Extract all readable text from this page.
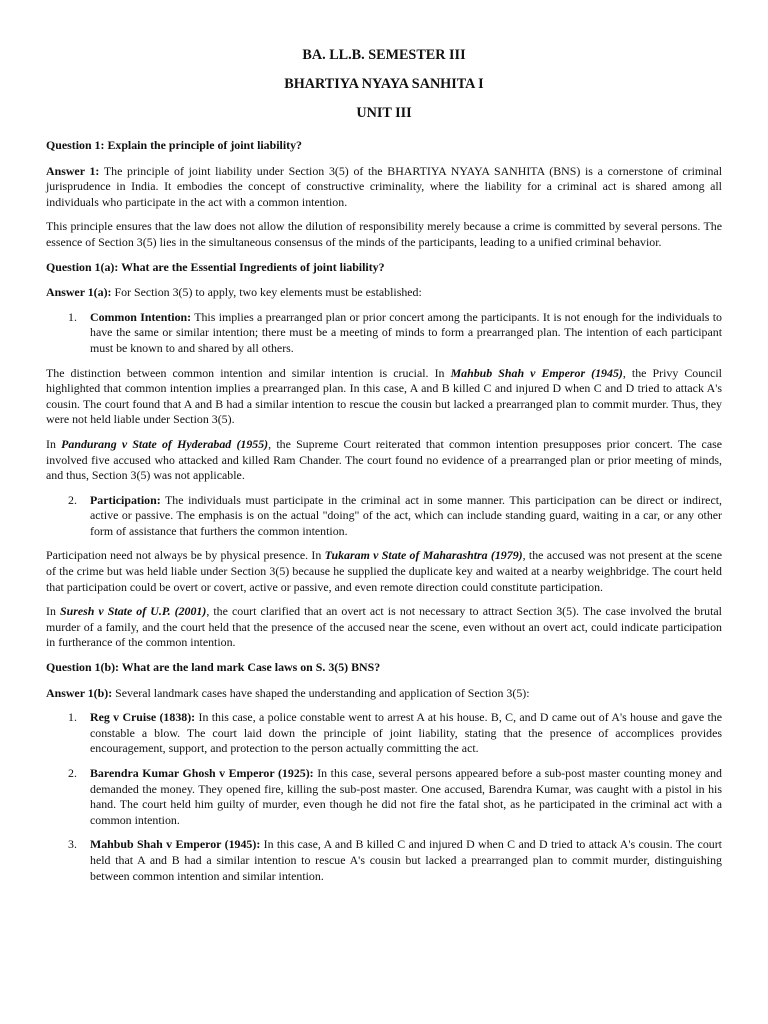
BA. LL.B. SEMESTER III
BHARTIYA NYAYA SANHITA I
UNIT III

Question 1: Explain the principle of joint liability?

Answer 1: The principle of joint liability under Section 3(5) of the BHARTIYA NYAYA SANHITA (BNS) is a cornerstone of criminal jurisprudence in India. It embodies the concept of constructive criminality, where the liability for a criminal act is shared among all individuals who participate in the act with a common intention.

This principle ensures that the law does not allow the dilution of responsibility merely because a crime is committed by several persons. The essence of Section 3(5) lies in the simultaneous consensus of the minds of the participants, leading to a unified criminal behavior.

Question 1(a): What are the Essential Ingredients of joint liability?

Answer 1(a): For Section 3(5) to apply, two key elements must be established:

1. Common Intention: This implies a prearranged plan or prior concert among the participants. It is not enough for the individuals to have the same or similar intention; there must be a meeting of minds to form a prearranged plan. The intention of each participant must be known to and shared by all others.

The distinction between common intention and similar intention is crucial. In Mahbub Shah v Emperor (1945), the Privy Council highlighted that common intention implies a prearranged plan. In this case, A and B killed C and injured D when C and D tried to attack A's cousin. The court found that A and B had a similar intention to rescue the cousin but lacked a prearranged plan to commit murder. Thus, they were not held liable under Section 3(5).

In Pandurang v State of Hyderabad (1955), the Supreme Court reiterated that common intention presupposes prior concert. The case involved five accused who attacked and killed Ram Chander. The court found no evidence of a prearranged plan or prior meeting of minds, and thus, Section 3(5) was not applicable.

2. Participation: The individuals must participate in the criminal act in some manner. This participation can be direct or indirect, active or passive. The emphasis is on the actual "doing" of the act, which can include standing guard, waiting in a car, or any other form of assistance that furthers the common intention.

Participation need not always be by physical presence. In Tukaram v State of Maharashtra (1979), the accused was not present at the scene of the crime but was held liable under Section 3(5) because he supplied the duplicate key and waited at a nearby weighbridge. The court held that participation could be overt or covert, active or passive, and even remote direction could constitute participation.

In Suresh v State of U.P. (2001), the court clarified that an overt act is not necessary to attract Section 3(5). The case involved the brutal murder of a family, and the court held that the presence of the accused near the scene, even without an overt act, could indicate participation in furtherance of the common intention.

Question 1(b): What are the land mark Case laws on S. 3(5) BNS?

Answer 1(b): Several landmark cases have shaped the understanding and application of Section 3(5):

1. Reg v Cruise (1838): In this case, a police constable went to arrest A at his house. B, C, and D came out of A's house and gave the constable a blow. The court laid down the principle of joint liability, stating that the presence of accomplices provides encouragement, support, and protection to the person actually committing the act.
2. Barendra Kumar Ghosh v Emperor (1925): In this case, several persons appeared before a sub-post master counting money and demanded the money. They opened fire, killing the sub-post master. One accused, Barendra Kumar, was caught with a pistol in his hand. The court held him guilty of murder, even though he did not fire the fatal shot, as he participated in the criminal act with a common intention.
3. Mahbub Shah v Emperor (1945): In this case, A and B killed C and injured D when C and D tried to attack A's cousin. The court held that A and B had a similar intention to rescue A's cousin but lacked a prearranged plan to commit murder, distinguishing between common intention and similar intention.
